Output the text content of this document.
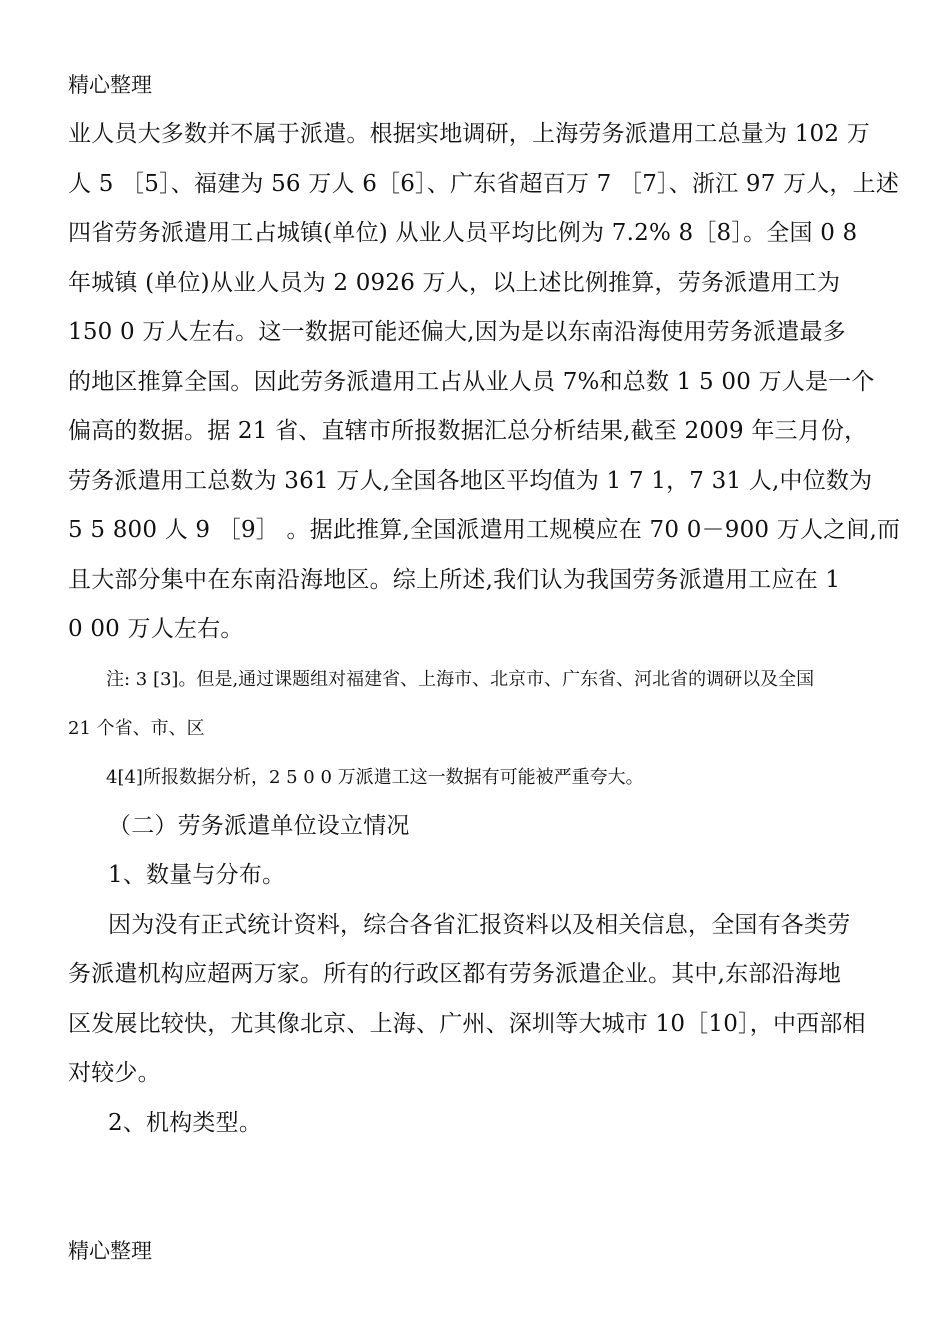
精心整理
业人员大多数并不属于派遣。根据实地调研，上海劳务派遣用工总量为 102 万
人 5 ［5］、福建为 56 万人 6［6］、广东省超百万 7 ［7］、浙江 97 万人，上述
四省劳务派遣用工占城镇(单位) 从业人员平均比例为 7.2% 8［8］。全国 0 8
年城镇 (单位)从业人员为 2 0926 万人，以上述比例推算，劳务派遣用工为
150 0 万人左右。这一数据可能还偏大,因为是以东南沿海使用劳务派遣最多
的地区推算全国。因此劳务派遣用工占从业人员 7%和总数 1 5 00 万人是一个
偏高的数据。据 21 省、直辖市所报数据汇总分析结果,截至 2009 年三月份，
劳务派遣用工总数为 361 万人,全国各地区平均值为 1 7 1，7 31 人,中位数为
5 5 800 人 9 ［9］ 。据此推算,全国派遣用工规模应在 70 0－900 万人之间,而
且大部分集中在东南沿海地区。综上所述,我们认为我国劳务派遣用工应在 1
0 00 万人左右。
注: 3 [3]。但是,通过课题组对福建省、上海市、北京市、广东省、河北省的调研以及全国
21 个省、市、区
4[4]所报数据分析，2 5 0 0 万派遣工这一数据有可能被严重夸大。
（二）劳务派遣单位设立情况
1、数量与分布。
因为没有正式统计资料，综合各省汇报资料以及相关信息，全国有各类劳
务派遣机构应超两万家。所有的行政区都有劳务派遣企业。其中,东部沿海地
区发展比较快，尤其像北京、上海、广州、深圳等大城市 10［10］，中西部相
对较少。
2、机构类型。
精心整理
